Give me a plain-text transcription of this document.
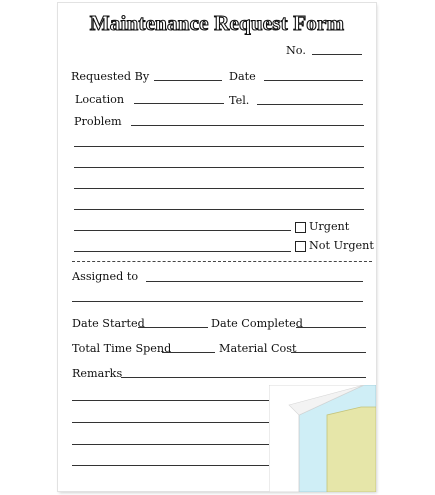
Maintenance Request Form
No.
Requested By	Date
Location	Tel.
Problem
Urgent
Not Urgent
Assigned to
Date Started	Date Completed
Total Time Spend	Material Cost
Remarks
